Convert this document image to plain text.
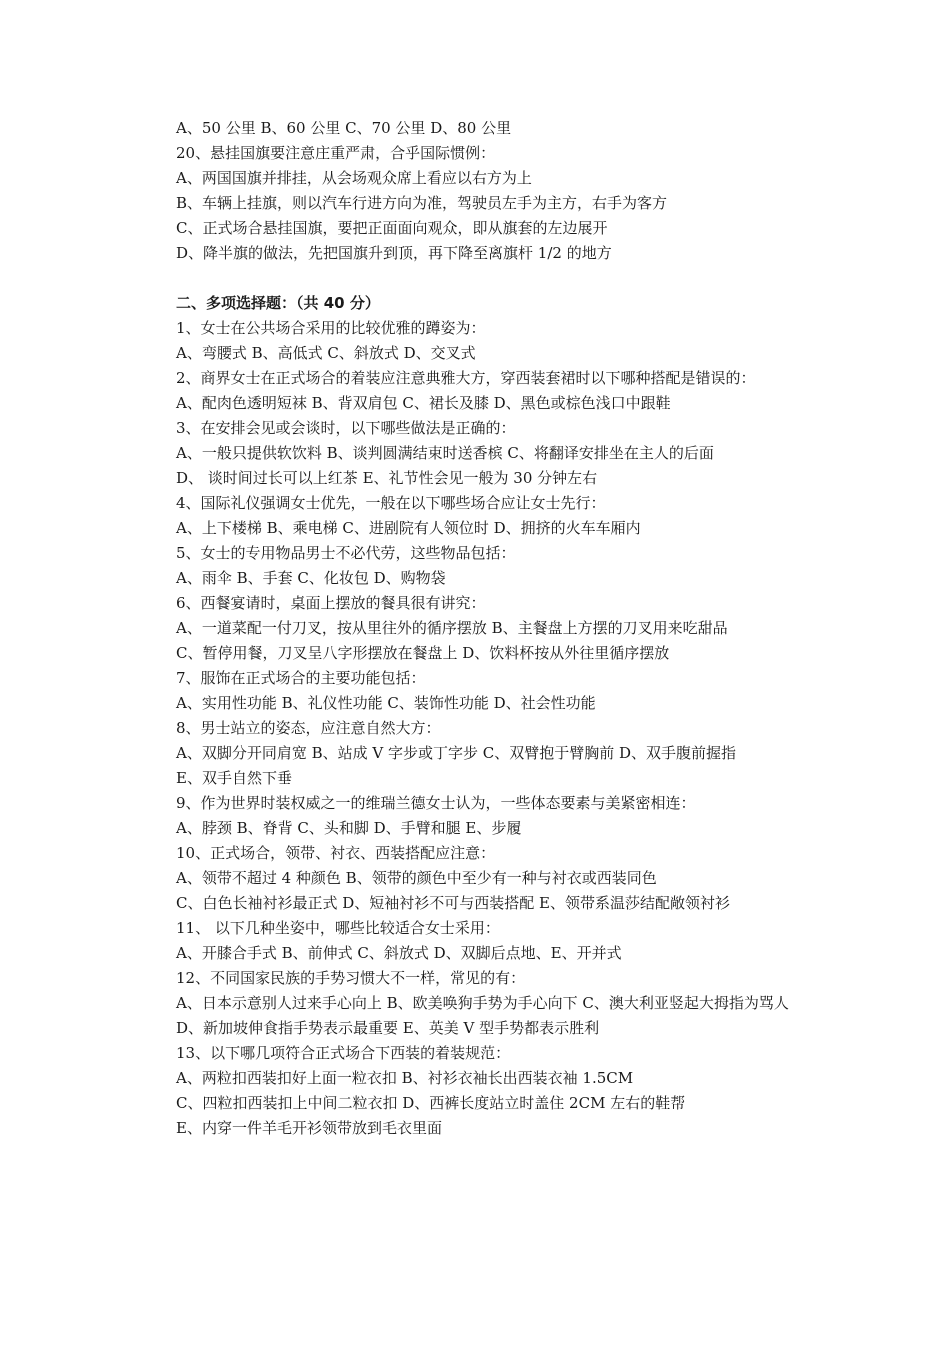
A、50 公里 B、60 公里 C、70 公里 D、80 公里
20、悬挂国旗要注意庄重严肃，合乎国际惯例：
A、两国国旗并排挂，从会场观众席上看应以右方为上
B、车辆上挂旗，则以汽车行进方向为准，驾驶员左手为主方，右手为客方
C、正式场合悬挂国旗，要把正面面向观众，即从旗套的左边展开
D、降半旗的做法，先把国旗升到顶，再下降至离旗杆 1/2 的地方
二、多项选择题：（共 40 分）
1、女士在公共场合采用的比较优雅的蹲姿为：
A、弯腰式 B、高低式 C、斜放式 D、交叉式
2、商界女士在正式场合的着装应注意典雅大方，穿西装套裙时以下哪种搭配是错误的：
A、配肉色透明短袜 B、背双肩包 C、裙长及膝 D、黑色或棕色浅口中跟鞋
3、在安排会见或会谈时，以下哪些做法是正确的：
A、一般只提供软饮料 B、谈判圆满结束时送香槟 C、将翻译安排坐在主人的后面
D、 谈时间过长可以上红茶 E、礼节性会见一般为 30 分钟左右
4、国际礼仪强调女士优先，一般在以下哪些场合应让女士先行：
A、上下楼梯 B、乘电梯 C、进剧院有人领位时 D、拥挤的火车车厢内
5、女士的专用物品男士不必代劳，这些物品包括：
A、雨伞 B、手套 C、化妆包 D、购物袋
6、西餐宴请时，桌面上摆放的餐具很有讲究：
A、一道菜配一付刀叉，按从里往外的循序摆放 B、主餐盘上方摆的刀叉用来吃甜品
C、暂停用餐，刀叉呈八字形摆放在餐盘上 D、饮料杯按从外往里循序摆放
7、服饰在正式场合的主要功能包括：
A、实用性功能 B、礼仪性功能 C、装饰性功能 D、社会性功能
8、男士站立的姿态，应注意自然大方：
A、双脚分开同肩宽 B、站成 V 字步或丁字步 C、双臂抱于臂胸前 D、双手腹前握指
E、双手自然下垂
9、作为世界时装权威之一的维瑞兰德女士认为，一些体态要素与美紧密相连：
A、脖颈 B、脊背 C、头和脚 D、手臂和腿 E、步履
10、正式场合，领带、衬衣、西装搭配应注意：
A、领带不超过 4 种颜色 B、领带的颜色中至少有一种与衬衣或西装同色
C、白色长袖衬衫最正式 D、短袖衬衫不可与西装搭配 E、领带系温莎结配敞领衬衫
11、 以下几种坐姿中，哪些比较适合女士采用：
A、开膝合手式 B、前伸式 C、斜放式 D、双脚后点地、E、开并式
12、不同国家民族的手势习惯大不一样，常见的有：
A、日本示意别人过来手心向上 B、欧美唤狗手势为手心向下 C、澳大利亚竖起大拇指为骂人
D、新加坡伸食指手势表示最重要 E、英美 V 型手势都表示胜利
13、以下哪几项符合正式场合下西装的着装规范：
A、两粒扣西装扣好上面一粒衣扣 B、衬衫衣袖长出西装衣袖 1.5CM
C、四粒扣西装扣上中间二粒衣扣 D、西裤长度站立时盖住 2CM 左右的鞋帮
E、内穿一件羊毛开衫领带放到毛衣里面
